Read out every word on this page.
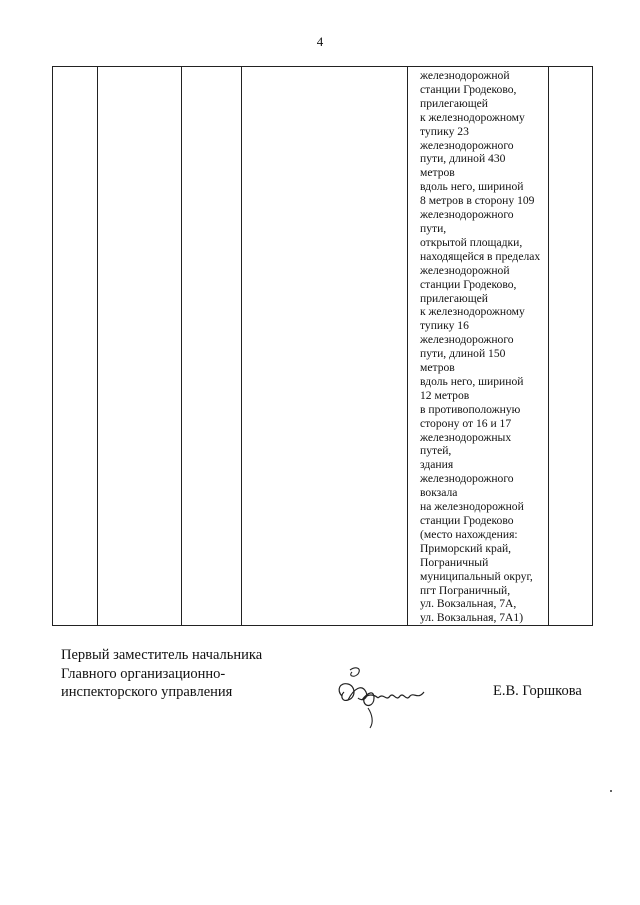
4

железнодорожной
станции Гродеково,
прилегающей
к железнодорожному
тупику 23
железнодорожного
пути, длиной 430 метров
вдоль него, шириной
8 метров в сторону 109
железнодорожного
пути,
открытой площадки,
находящейся в пределах
железнодорожной
станции Гродеково,
прилегающей
к железнодорожному
тупику 16
железнодорожного
пути, длиной 150 метров
вдоль него, шириной
12 метров
в противоположную
сторону от 16 и 17
железнодорожных
путей,
здания
железнодорожного
вокзала
на железнодорожной
станции Гродеково
(место нахождения:
Приморский край,
Пограничный
муниципальный округ,
пгт Пограничный,
ул. Вокзальная, 7А,
ул. Вокзальная, 7А1)

Первый заместитель начальника
Главного организационно-
инспекторского управления	Е.В. Горшкова
